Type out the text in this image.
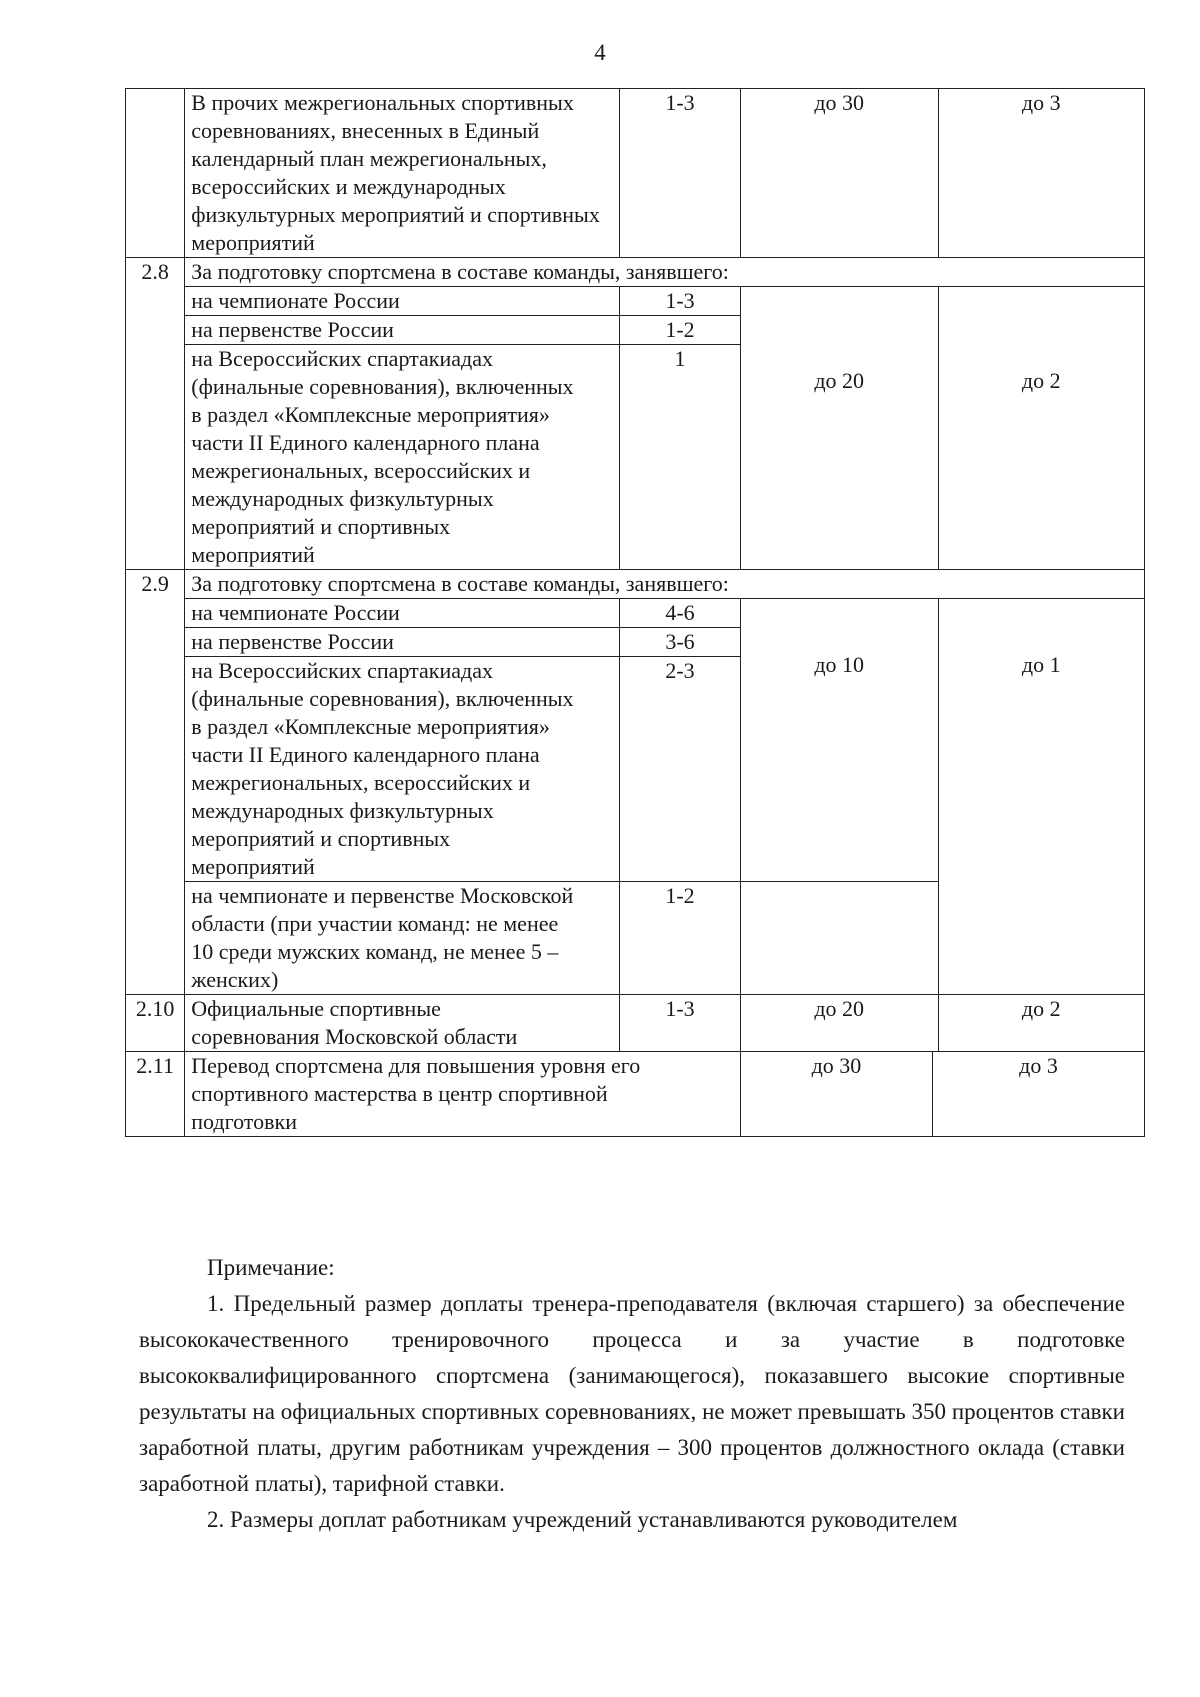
4
	В прочих межрегиональных спортивных соревнованиях, внесенных в Единый календарный план межрегиональных, всероссийских и международных физкультурных мероприятий и спортивных мероприятий	1-3	до 30		до 3
2.8	За подготовку спортсмена в составе команды, занявшего:				
	на чемпионате России	1-3	до 20		до 2
	на первенстве России	1-2			
	на Всероссийских спартакиадах (финальные соревнования), включенных в раздел «Комплексные мероприятия» части II Единого календарного плана межрегиональных, всероссийских и международных физкультурных мероприятий и спортивных мероприятий	1			
2.9	За подготовку спортсмена в составе команды, занявшего:				
	на чемпионате России	4-6	до 10		до 1
	на первенстве России	3-6			
	на Всероссийских спартакиадах (финальные соревнования), включенных в раздел «Комплексные мероприятия» части II Единого календарного плана межрегиональных, всероссийских и международных физкультурных мероприятий и спортивных мероприятий	2-3			
	на чемпионате и первенстве Московской области (при участии команд: не менее 10 среди мужских команд, не менее 5 – женских)	1-2			
2.10	Официальные спортивные соревнования Московской области	1-3	до 20		до 2
2.11	Перевод спортсмена для повышения уровня его спортивного мастерства в центр спортивной подготовки		до 30	до 3	

Примечание:

1. Предельный размер доплаты тренера-преподавателя (включая старшего) за обеспечение высококачественного тренировочного процесса и за участие в подготовке высококвалифицированного спортсмена (занимающегося), показавшего высокие спортивные результаты на официальных спортивных соревнованиях, не может превышать 350 процентов ставки заработной платы, другим работникам учреждения – 300 процентов должностного оклада (ставки заработной платы), тарифной ставки.

2. Размеры доплат работникам учреждений устанавливаются руководителем
